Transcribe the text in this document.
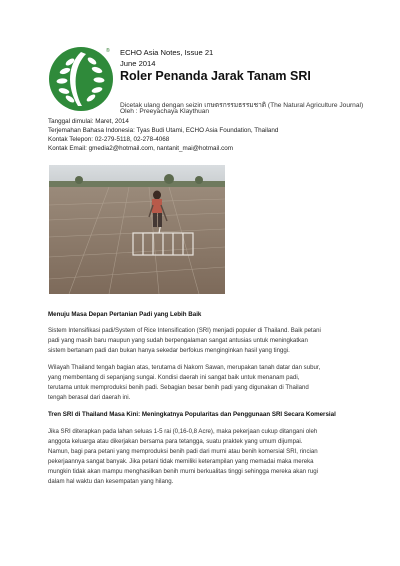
® ECHO Asia Notes, Issue 21
June 2014
Roler Penanda Jarak Tanam SRI
Dicetak ulang dengan seizin เกษตรกรรมธรรมชาติ (The Natural Agriculture Journal)
Oleh : Preeyachaya Klaythuan
Tanggal dimulai: Maret, 2014
Terjemahan Bahasa Indonesia: Tyas Budi Utami, ECHO Asia Foundation, Thailand
Kontak Telepon: 02-279-5118, 02-278-4068
Kontak Email: gmedia2@hotmail.com, nantanit_mai@hotmail.com
Menuju Masa Depan Pertanian Padi yang Lebih Baik
Sistem Intensifikasi padi/System of Rice Intensification (SRI) menjadi populer di Thailand. Baik petani
padi yang masih baru maupun yang sudah berpengalaman sangat antusias untuk meningkatkan
sistem bertanam padi dan bukan hanya sekedar berfokus menginginkan hasil yang tinggi.
Wilayah Thailand tengah bagian atas, terutama di Nakorn Sawan, merupakan tanah datar dan subur,
yang membentang di sepanjang sungai. Kondisi daerah ini sangat baik untuk menanam padi,
terutama untuk memproduksi benih padi. Sebagian besar benih padi yang digunakan di Thailand
tengah berasal dari daerah ini.
Tren SRI di Thailand Masa Kini: Meningkatnya Popularitas dan Penggunaan SRI Secara Komersial
Jika SRI diterapkan pada lahan seluas 1-5 rai (0,16-0,8 Acre), maka pekerjaan cukup ditangani oleh
anggota keluarga atau dikerjakan bersama para tetangga, suatu praktek yang umum dijumpai.
Namun, bagi para petani yang memproduksi benih padi dari murni atau benih komersial SRI, rincian
pekerjaannya sangat banyak. Jika petani tidak memiliki keterampilan yang memadai maka mereka
mungkin tidak akan mampu menghasilkan benih murni berkualitas tinggi sehingga mereka akan rugi
dalam hal waktu dan kesempatan yang hilang.
